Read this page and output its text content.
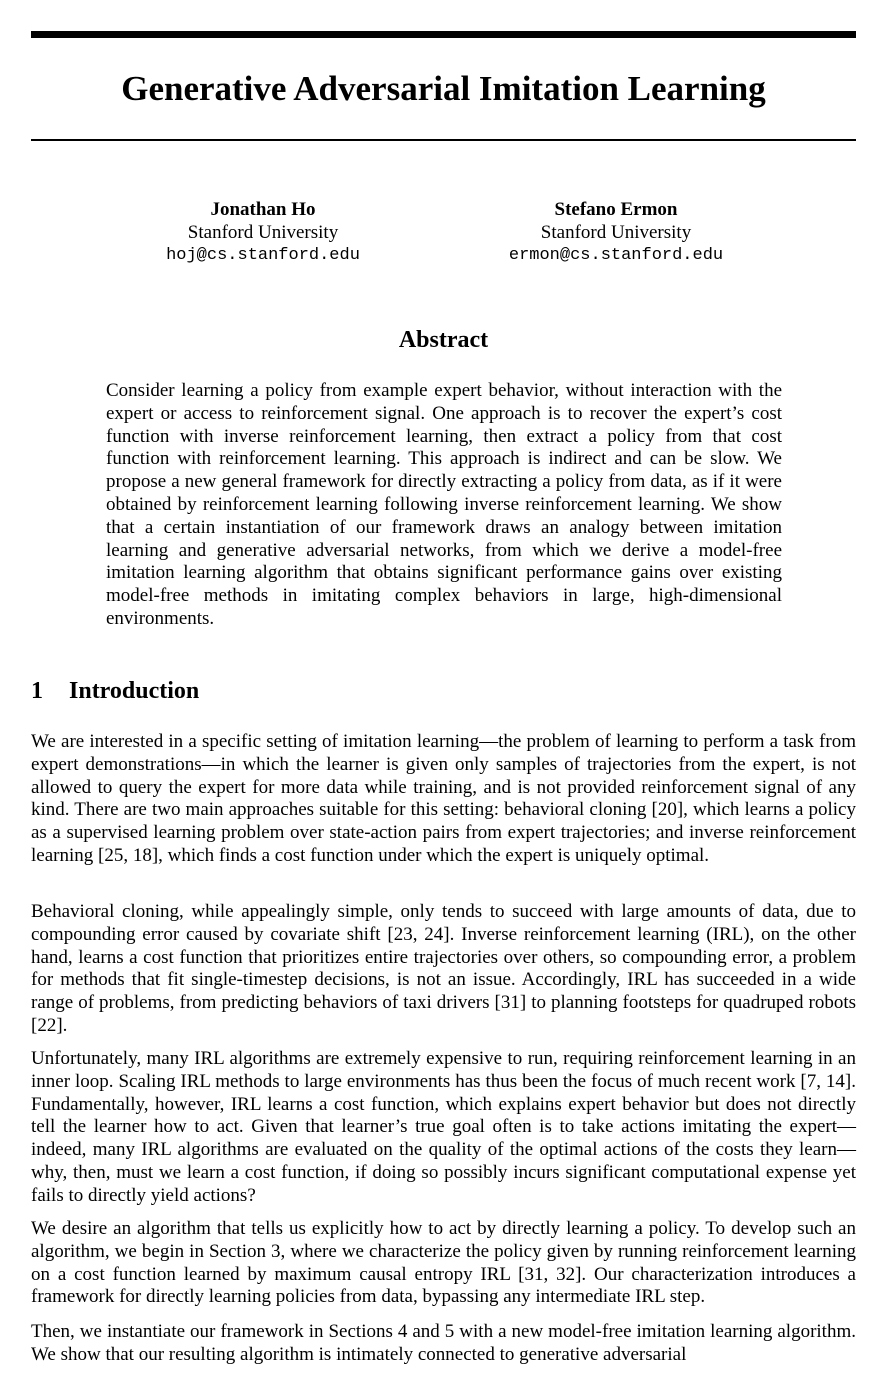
Generative Adversarial Imitation Learning
Jonathan Ho
Stanford University
hoj@cs.stanford.edu
Stefano Ermon
Stanford University
ermon@cs.stanford.edu
Abstract

Consider learning a policy from example expert behavior, without interaction with the expert or access to reinforcement signal. One approach is to recover the expert’s cost function with inverse reinforcement learning, then extract a policy from that cost function with reinforcement learning. This approach is indirect and can be slow. We propose a new general framework for directly extracting a policy from data, as if it were obtained by reinforcement learning following inverse reinforcement learning. We show that a certain instantiation of our framework draws an analogy between imitation learning and generative adversarial networks, from which we derive a model-free imitation learning algorithm that obtains significant performance gains over existing model-free methods in imitating complex behaviors in large, high-dimensional environments.

1 Introduction

We are interested in a specific setting of imitation learning—the problem of learning to perform a task from expert demonstrations—in which the learner is given only samples of trajectories from the expert, is not allowed to query the expert for more data while training, and is not provided reinforcement signal of any kind. There are two main approaches suitable for this setting: behavioral cloning [20], which learns a policy as a supervised learning problem over state-action pairs from expert trajectories; and inverse reinforcement learning [25, 18], which finds a cost function under which the expert is uniquely optimal.

Behavioral cloning, while appealingly simple, only tends to succeed with large amounts of data, due to compounding error caused by covariate shift [23, 24]. Inverse reinforcement learning (IRL), on the other hand, learns a cost function that prioritizes entire trajectories over others, so compounding error, a problem for methods that fit single-timestep decisions, is not an issue. Accordingly, IRL has succeeded in a wide range of problems, from predicting behaviors of taxi drivers [31] to planning footsteps for quadruped robots [22].

Unfortunately, many IRL algorithms are extremely expensive to run, requiring reinforcement learning in an inner loop. Scaling IRL methods to large environments has thus been the focus of much recent work [7, 14]. Fundamentally, however, IRL learns a cost function, which explains expert behavior but does not directly tell the learner how to act. Given that learner’s true goal often is to take actions imitating the expert—indeed, many IRL algorithms are evaluated on the quality of the optimal actions of the costs they learn—why, then, must we learn a cost function, if doing so possibly incurs significant computational expense yet fails to directly yield actions?

We desire an algorithm that tells us explicitly how to act by directly learning a policy. To develop such an algorithm, we begin in Section 3, where we characterize the policy given by running reinforcement learning on a cost function learned by maximum causal entropy IRL [31, 32]. Our characterization introduces a framework for directly learning policies from data, bypassing any intermediate IRL step.

Then, we instantiate our framework in Sections 4 and 5 with a new model-free imitation learning algorithm. We show that our resulting algorithm is intimately connected to generative adversarial
